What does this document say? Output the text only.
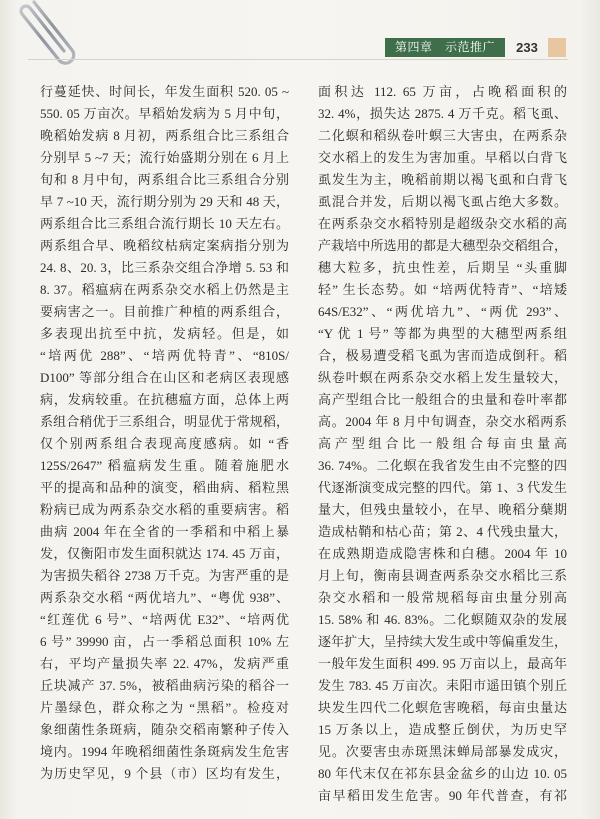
第四章　示范推广	233
行蔓延快、时间长，年发生面积 520. 05 ~
550. 05 万亩次。早稻始发病为 5 月中旬，
晚稻始发病 8 月初，两系组合比三系组合
分别早 5 ~7 天；流行始盛期分别在 6 月上
旬和 8 月中旬，两系组合比三系组合分别
早 7 ~10 天，流行期分别为 29 天和 48 天，
两系组合比三系组合流行期长 10 天左右。
两系组合早、晚稻纹枯病定案病指分别为
24. 8、20. 3，比三系杂交组合净增 5. 53 和
8. 37。稻瘟病在两系杂交水稻上仍然是主
要病害之一。目前推广种植的两系组合，
多表现出抗至中抗，发病轻。但是，如
“培两优 288”、“培两优特青”、“810S/
D100” 等部分组合在山区和老病区表现感
病，发病较重。在抗穗瘟方面，总体上两
系组合稍优于三系组合，明显优于常规稻，
仅个别两系组合表现高度感病。如 “香
125S/2647” 稻瘟病发生重。随着施肥水
平的提高和品种的演变，稻曲病、稻粒黑
粉病已成为两系杂交水稻的重要病害。稻
曲病 2004 年在全省的一季稻和中稻上暴
发，仅衡阳市发生面积就达 174. 45 万亩，
为害损失稻谷 2738 万千克。为害严重的是
两系杂交水稻 “两优培九”、“粤优 938”、
“红莲优 6 号”、“培两优 E32”、“培两优
6 号” 39990 亩，占一季稻总面积 10% 左
右，平均产量损失率 22. 47%，发病严重
丘块减产 37. 5%，被稻曲病污染的稻谷一
片墨绿色，群众称之为 “黑稻”。检疫对
象细菌性条斑病，随杂交稻南繁种子传入
境内。1994 年晚稻细菌性条斑病发生危害
为历史罕见，9 个县（市）区均有发生，
面积达 112. 65 万亩，占晚稻面积的
32. 4%，损失达 2875. 4 万千克。稻飞虱、
二化螟和稻纵卷叶螟三大害虫，在两系杂
交水稻上的发生为害加重。早稻以白背飞
虱发生为主，晚稻前期以褐飞虱和白背飞
虱混合并发，后期以褐飞虱占绝大多数。
在两系杂交水稻特别是超级杂交水稻的高
产栽培中所选用的都是大穗型杂交稻组合，
穗大粒多，抗虫性差，后期呈 “头重脚
轻” 生长态势。如 “培两优特青”、“培矮
64S/E32”、“两优培九”、“两优 293”、
“Y 优 1 号” 等都为典型的大穗型两系组
合，极易遭受稻飞虱为害而造成倒秆。稻
纵卷叶螟在两系杂交水稻上发生量较大，
高产型组合比一般组合的虫量和卷叶率都
高。2004 年 8 月中旬调查，杂交水稻两系
高产型组合比一般组合每亩虫量高
36. 74%。二化螟在我省发生由不完整的四
代逐渐演变成完整的四代。第 1、3 代发生
量大，但残虫量较小，在早、晚稻分蘖期
造成枯鞘和枯心苗；第 2、4 代残虫量大，
在成熟期造成隐害株和白穗。2004 年 10
月上旬，衡南县调查两系杂交水稻比三系
杂交水稻和一般常规稻每亩虫量分别高
15. 58% 和 46. 83%。二化螟随双杂的发展
逐年扩大，呈持续大发生或中等偏重发生，
一般年发生面积 499. 95 万亩以上，最高年
发生 783. 45 万亩次。耒阳市遥田镇个别丘
块发生四代二化螟危害晚稻，每亩虫量达
15 万条以上，造成整丘倒伏，为历史罕
见。次要害虫赤斑黑沫蝉局部暴发成灾，
80 年代末仅在祁东县金盆乡的山边 10. 05
亩早稻田发生危害。90 年代普查，有祁
